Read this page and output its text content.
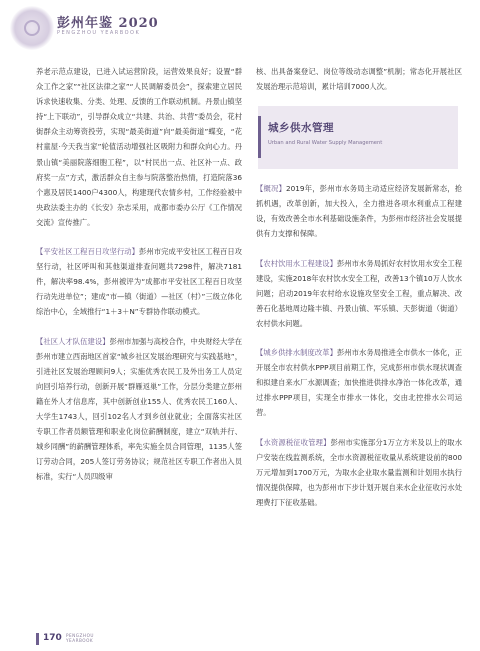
彭州年鉴 2020
PENGZHOU YEARBOOK

养老示范点建设，已进入试运营阶段，运营效果良好；设置“群众工作之家”“社区法律之家”“人民调解委员会”，探索建立居民诉求快速收集、分类、处理、反馈的工作联动机制。丹景山镇坚持“上下联动”，引导群众成立“共建、共治、共营”委员会，花村街群众主动筹资投劳，实现“最美街道”向“最美街道”蝶变，“花村童屋·今天我当家”轮值活动增强社区吸附力和群众向心力。丹景山镇“美丽院落细胞工程”，以“村民出一点、社区补一点、政府奖一点”方式，激活群众自主参与院落整治热情，打造院落36个惠及居民1400户4300人，构建现代农情乡村，工作经验被中央政法委主办的《长安》杂志采用，成都市委办公厅《工作情况交流》宣传推广。

【平安社区工程百日攻坚行动】彭州市完成平安社区工程百日攻坚行动，社区呼叫和其他渠道排查问题共7298件，解决7181件，解决率98.4%，彭州被评为“成都市平安社区工程百日攻坚行动先进单位”；建成“市—镇（街道）—社区（村）”三级立体化综治中心，全域推行“1＋3＋N”专群协作联动模式。

【社区人才队伍建设】彭州市加强与高校合作，中央财经大学在彭州市建立西南地区首家“城乡社区发展治理研究与实践基地”，引进社区发展治理顾问9人；实施优秀农民工及外出务工人员定向回引培养行动，创新开展“群雁返巢”工作，分层分类建立彭州籍在外人才信息库，其中创新创业155人、优秀农民工160人、大学生1743人，回引102名人才到乡创业就业；全面落实社区专职工作者员额管理和职业化岗位薪酬制度，建立“双轨并行、城乡同酬”的薪酬管理体系，率先实施全员合同管理，1135人签订劳动合同，205人签订劳务协议；规范社区专职工作者出入员标准，实行“人员四级审

核、出具备案登记、岗位等级动态调整”机制；常态化开展社区发展治理示范培训，累计培训7000人次。

城乡供水管理
Urban and Rural Water Supply Management

【概况】2019年，彭州市水务局主动适应经济发展新常态，抢抓机遇，改革创新，加大投入，全力推进各项水利重点工程建设，有效改善全市水利基础设施条件，为彭州市经济社会发展提供有力支撑和保障。

【农村饮用水工程建设】彭州市水务局抓好农村饮用水安全工程建设，实施2018年农村饮水安全工程，改善13个镇10万人饮水问题；启动2019年农村给水设施攻坚安全工程，重点解决、改善石化基地周边隆丰镇、丹景山镇、军乐镇、天彭街道（街道）农村供水问题。

【城乡供排水制度改革】彭州市水务局推进全市供水一体化，正开展全市农村供水PPP项目前期工作，完成彭州市供水现状调查和拟建自来水厂水源调查；加快推进供排水净治一体化改革，通过排水PPP项目，实现全市排水一体化，交由北控排水公司运营。

【水资源税征收管理】彭州市实施部分1万立方米及以上的取水户安装在线监测系统，全市水资源税征收量从系统建设前的800万元增加到1700万元，为取水企业取水量监测和计划用水执行情况提供保障，也为彭州市下步计划开展自来水企业征收污水处理费打下征收基础。

170 PENGZHOU YEARBOOK
